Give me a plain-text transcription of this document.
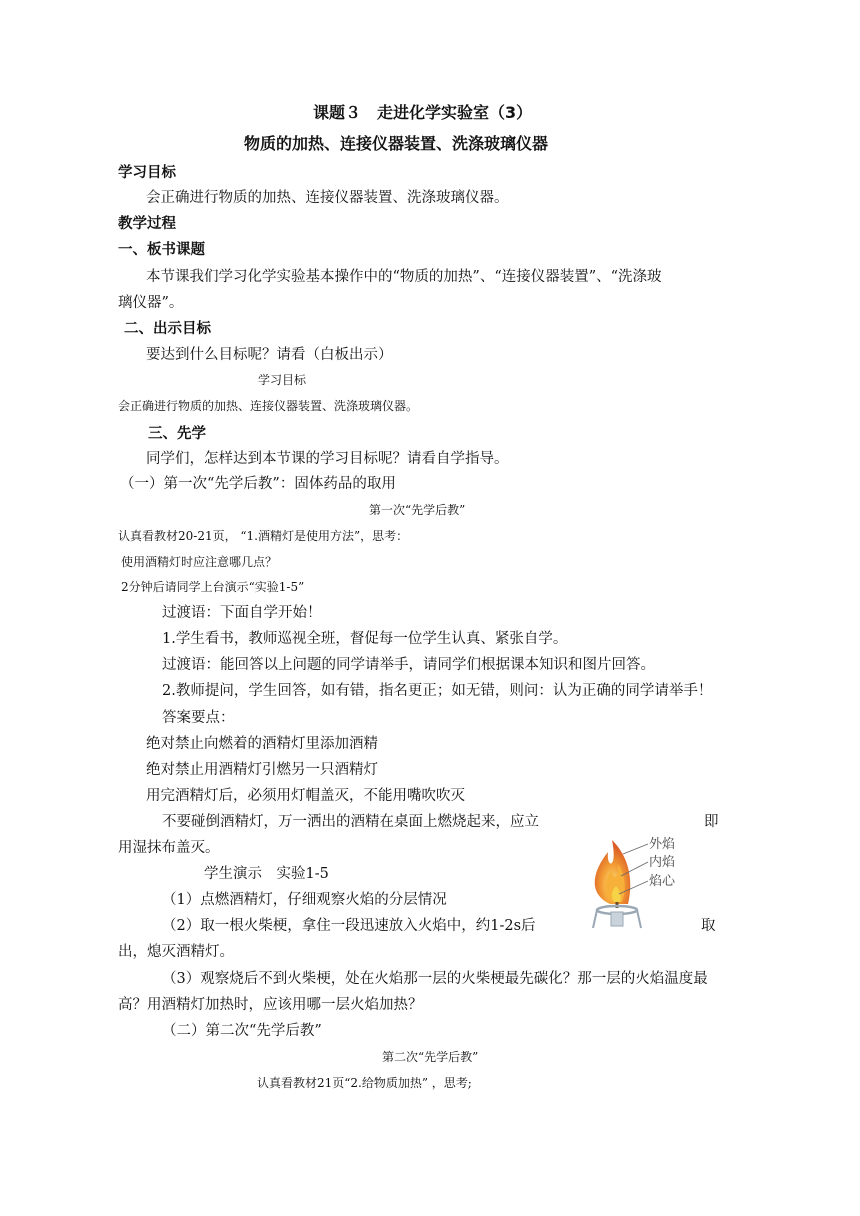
课题３　走进化学实验室（3）
物质的加热、连接仪器装置、洗涤玻璃仪器
学习目标
会正确进行物质的加热、连接仪器装置、洗涤玻璃仪器。
教学过程
一、板书课题
本节课我们学习化学实验基本操作中的“物质的加热”、“连接仪器装置”、“洗涤玻
璃仪器”。
二、出示目标
要达到什么目标呢？请看（白板出示）
学习目标
会正确进行物质的加热、连接仪器装置、洗涤玻璃仪器。
三、先学
同学们，怎样达到本节课的学习目标呢？请看自学指导。
（一）第一次“先学后教”：固体药品的取用
第一次“先学后教”
认真看教材20-21页， “1.酒精灯是使用方法”，思考：
使用酒精灯时应注意哪几点？
2分钟后请同学上台演示“实验1-5”
过渡语：下面自学开始！
1.学生看书，教师巡视全班，督促每一位学生认真、紧张自学。
过渡语：能回答以上问题的同学请举手，请同学们根据课本知识和图片回答。
2.教师提问，学生回答，如有错，指名更正；如无错，则问：认为正确的同学请举手！
答案要点：
绝对禁止向燃着的酒精灯里添加酒精
绝对禁止用酒精灯引燃另一只酒精灯
用完酒精灯后，必须用灯帽盖灭，不能用嘴吹吹灭
不要碰倒酒精灯，万一洒出的酒精在桌面上燃烧起来，应立	即
用湿抹布盖灭。
学生演示　实验1-5
（1）点燃酒精灯，仔细观察火焰的分层情况
（2）取一根火柴梗，拿住一段迅速放入火焰中，约1-2s后	取
出，熄灭酒精灯。
（3）观察烧后不到火柴梗，处在火焰那一层的火柴梗最先碳化？那一层的火焰温度最
高？用酒精灯加热时，应该用哪一层火焰加热？
（二）第二次“先学后教”
第二次“先学后教”
认真看教材21页“2.给物质加热” ，思考;
外焰
内焰
焰心
